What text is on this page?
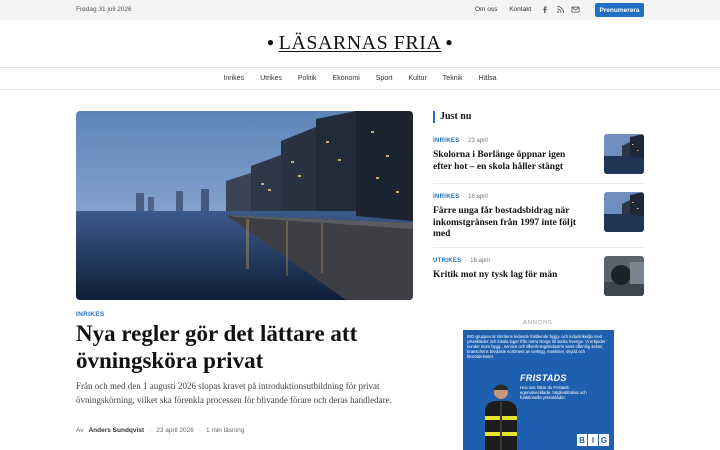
Fredag 31 juli 2026	Om oss Kontakt	Prenumerera
● LÄSARNAS FRIA ●
Inrikes	Utrikes	Politik	Ekonomi	Sport	Kultur	Teknik	Hälsa
INRIKES
Nya regler gör det lättare att övningsköra privat

Från och med den 1 augusti 2026 slopas kravet på introduktionsutbildning för privat övningskörning, vilket ska förenkla processen för blivande förare och deras handledare.

Av Anders Sundqvist · 23 april 2026 · 1 min läsning
Just nu
INRIKES  ·  23 april
Skolorna i Borlänge öppnar igen efter hot – en skola håller stängt
INRIKES  ·  16 april
Färre unga får bostadsbidrag när inkomstgränsen från 1997 inte följt med
UTRIKES  ·  16 april
Kritik mot ny tysk lag för män
ANNONS
BIG-gruppen är Nordens ledande fristående bygg- och industrikedja med yrkeskläder och lokala lager från norra Norge till södra Sverige. Vi erbjuder kunder inom bygg-, service och tillverkningsindustrin samt offentlig sektor, branschens bredaste sortiment av verktyg, maskiner, skydd och förnödenheter.
FRISTADS
Hos oss hittar du Fristads egenutvecklade, högkvalitativa och funktionella yrkeskläder.
B I G
